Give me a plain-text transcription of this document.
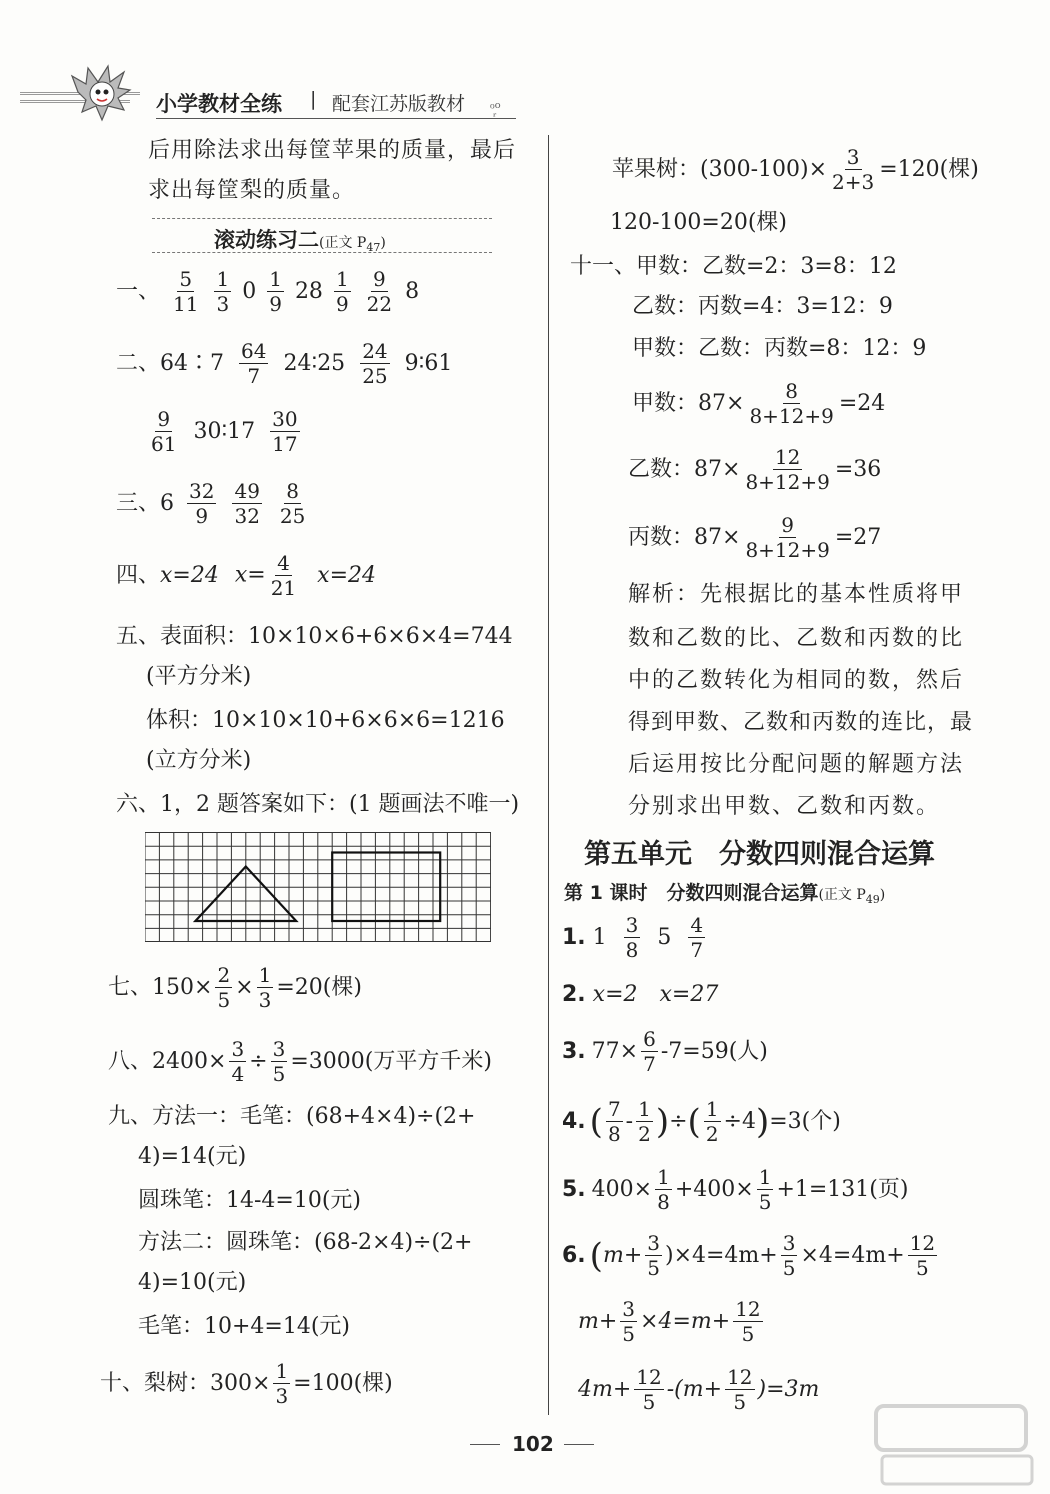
小学教材全练 | 配套江苏版教材 ᵒ᷊ᵒ
后用除法求出每筐苹果的质量，最后
求出每筐梨的质量。
滚动练习二(正文 $P_{47}$)
一、 $\frac{5}{11} \frac{1}{3} 0 \frac{1}{9} 28 \frac{1}{9} \frac{9}{22} 8$
二、64∶7 $\frac{64}{7}$ 24∶25 $\frac{24}{25}$ 9∶61
$\frac{9}{61}$ 30∶17 $\frac{30}{17}$
三、$6 \frac{32}{9} \frac{49}{32} \frac{8}{25}$
四、x=24 $x= \frac{4}{21} x=24$
五、表面积：10×10×6+6×6×4=744
(平方分米)
体积：10×10×10+6×6×6=1216
(立方分米)
六、1，2 题答案如下：(1 题画法不唯一)
七、$150\times \frac{2}{5} \times \frac{1}{3} =20$(棵)
八、$2400\times \frac{3}{4} \div \frac{3}{5} =3000$(万平方千米)
九、方法一：毛笔：(68+4×4)÷(2+
4)=14(元)
圆珠笔：14-4=10(元)
方法二：圆珠笔：(68-2×4)÷(2+
4)=10(元)
毛笔：10+4=14(元)
十、梨树：$300\times \frac{1}{3} =100$(棵)
苹果树：$(300-100)\times \frac{3}{2+3} =120$(棵)
120-100=20(棵)
十一、甲数：乙数=2：3=8：12
乙数：丙数=4：3=12：9
甲数：乙数：丙数=8：12：9
甲数：$87\times \frac{8}{8+12+9} =24$
乙数：$87\times \frac{12}{8+12+9} =36$
丙数：$87\times \frac{9}{8+12+9} =27$
解析：先根据比的基本性质将甲
数和乙数的比、乙数和丙数的比
中的乙数转化为相同的数，然后
得到甲数、乙数和丙数的连比，最
后运用按比分配问题的解题方法
分别求出甲数、乙数和丙数。
第五单元　分数四则混合运算
第 1 课时　分数四则混合运算(正文 $P_{49}$)
1. $1 \frac{3}{8} 5 \frac{4}{7}$
2. x=2　x=27
3. $77\times \frac{6}{7} -7=59$(人)
4. ( $\frac{7}{8} - \frac{1}{2}$ ) ÷ ( $\frac{1}{2} \div 4$ ) =3(个)
5. $400\times \frac{1}{8} +400\times \frac{1}{5} +1=131$(页)
6. ( $m + \frac{3}{5} )\times 4=4m+ \frac{3}{5} \times 4=4m+ \frac{12}{5}$
$m+ \frac{3}{5} \times 4=m+ \frac{12}{5}$
$4m+ \frac{12}{5} -(m+ \frac{12}{5} )=3m$
102
